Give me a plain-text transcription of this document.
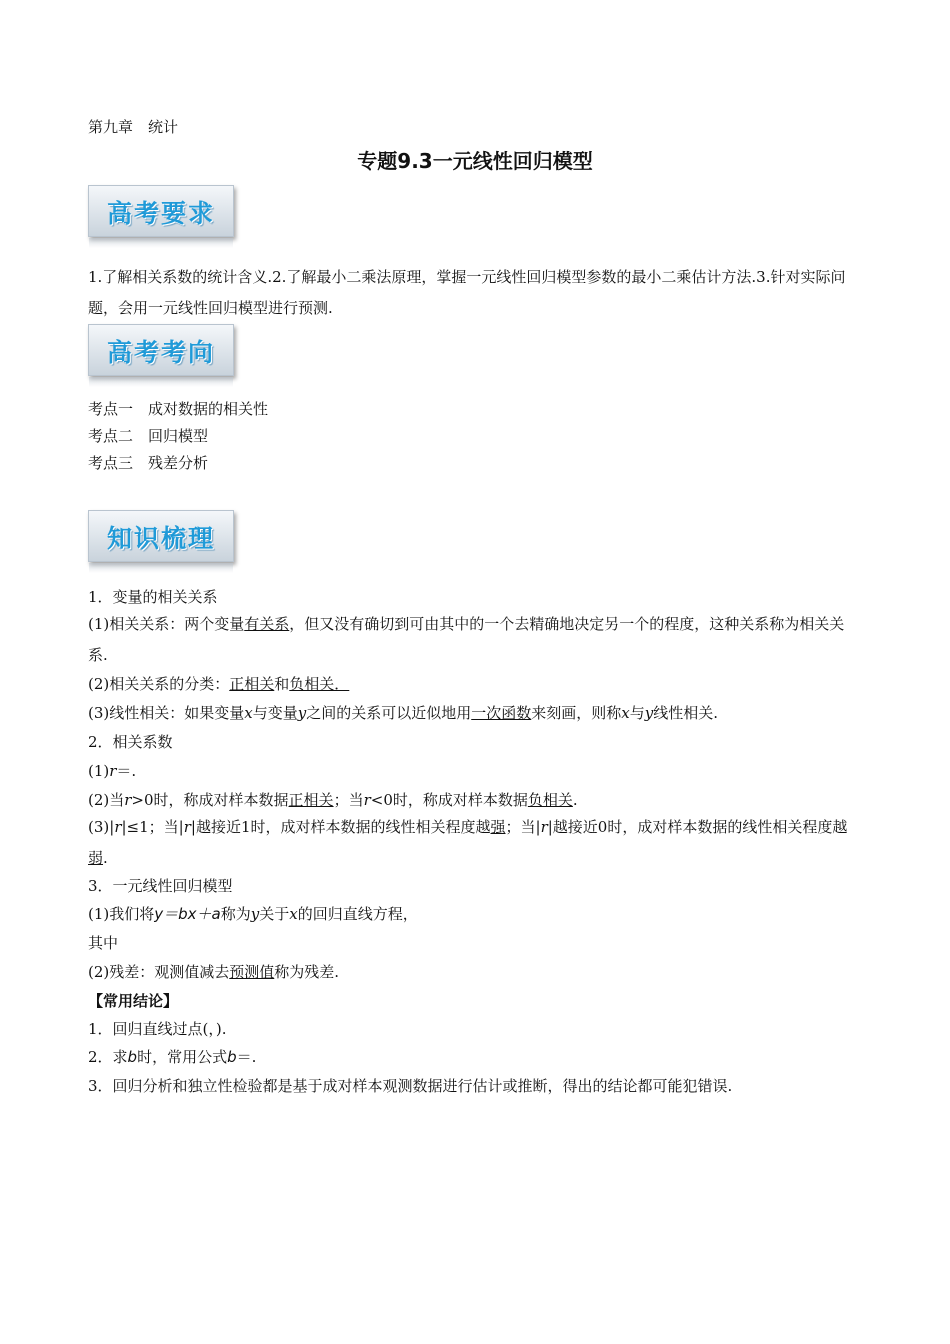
第九章　统计
专题9.3一元线性回归模型
高考要求
1.了解相关系数的统计含义.2.了解最小二乘法原理，掌握一元线性回归模型参数的最小二乘估计方法.3.针对实际问题，会用一元线性回归模型进行预测.
高考考向
考点一　成对数据的相关性
考点二　回归模型
考点三　残差分析
知识梳理
1．变量的相关关系
(1)相关关系：两个变量有关系，但又没有确切到可由其中的一个去精确地决定另一个的程度，这种关系称为相关关系.
(2)相关关系的分类：正相关和负相关．
(3)线性相关：如果变量x与变量y之间的关系可以近似地用一次函数来刻画，则称x与y线性相关.
2．相关系数
(1)r＝.
(2)当r>0时，称成对样本数据正相关；当r<0时，称成对样本数据负相关.
(3)|r|≤1；当|r|越接近1时，成对样本数据的线性相关程度越强；当|r|越接近0时，成对样本数据的线性相关程度越弱.
3．一元线性回归模型
(1)我们将y＝bx＋a称为y关于x的回归直线方程，
其中
(2)残差：观测值减去预测值称为残差.
【常用结论】
1．回归直线过点(，).
2．求b时，常用公式b＝.
3．回归分析和独立性检验都是基于成对样本观测数据进行估计或推断，得出的结论都可能犯错误.
